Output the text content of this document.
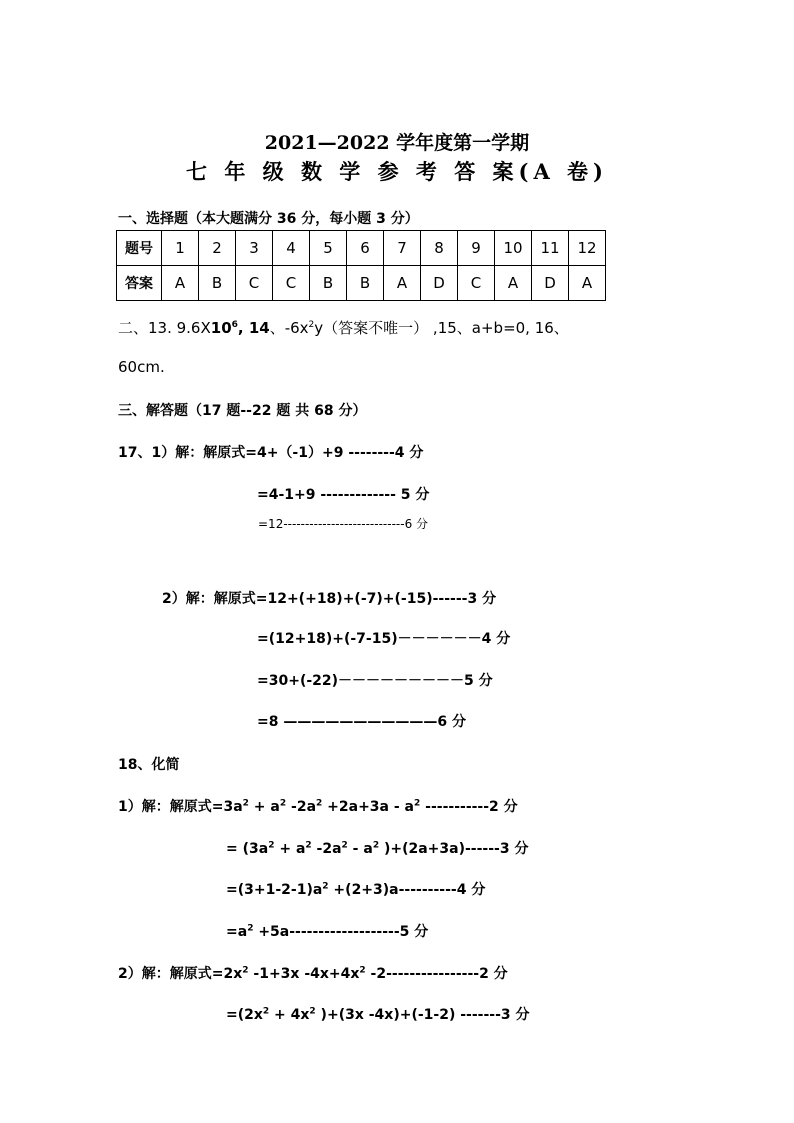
2021—2022 学年度第一学期
七 年 级 数 学 参 考 答 案(A 卷)
一、选择题（本大题满分 36 分，每小题 3 分）
题号	1	2	3	4	5	6	7	8	9	10	11	12
答案	A	B	C	C	B	B	A	D	C	A	D	A
二、13. $9.6X10^6$, 14、$-6x^2y$（答案不唯一） ,15、a+b=0, 16、
60cm.
三、解答题（17 题--22 题 共 68 分）
17、1）解：解原式=4+（-1）+9 --------4 分
=4-1+9 ------------- 5 分
=12----------------------------6 分
2）解：解原式=12+(+18)+(-7)+(-15)------3 分
=(12+18)+(-7-15)－－－－－－4 分
=30+(-22)－－－－－－－－－5 分
=8 ———————————6 分
18、化简
1）解：解原式$=3a^2 + a^2$ $-2a^2 +2a+3a - a^2$ -----------2 分
= ($3a^2 + a^2$ $-2a^2 - a^2$ )+(2a+3a)------3 分
$=(3+1-2-1)a^2 +(2+3)a----------4$ 分
$=a^2 +5a-------------------5$ 分
2）解：解原式$=2x^2$ -1+3x $-4x+4x^2$ -2----------------2 分
$=(2x^2 + 4x^2$ )+(3x -4x)+(-1-2) -------3 分
